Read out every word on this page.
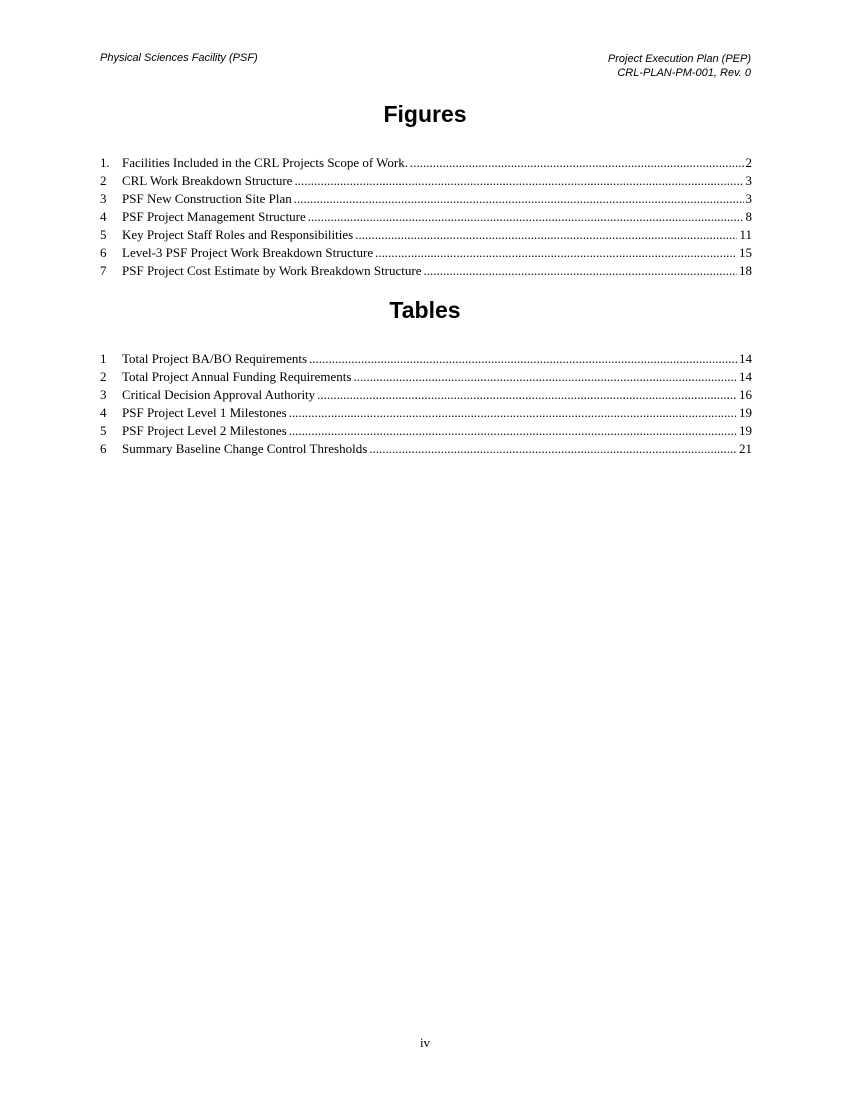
Physical Sciences Facility (PSF)	Project Execution Plan (PEP)
CRL-PLAN-PM-001, Rev. 0
Figures
1. Facilities Included in the CRL Projects Scope of Work. .....	2
2	CRL Work Breakdown Structure .....	3
3	PSF New Construction Site Plan .....	3
4	PSF Project Management Structure .....	8
5	Key Project Staff Roles and Responsibilities .....	11
6	Level-3 PSF Project Work Breakdown Structure .....	15
7	PSF Project Cost Estimate by Work Breakdown Structure .....	18
Tables
1	Total Project BA/BO Requirements .....	14
2	Total Project Annual Funding Requirements .....	14
3	Critical Decision Approval Authority .....	16
4	PSF Project Level 1 Milestones .....	19
5	PSF Project Level 2 Milestones .....	19
6	Summary Baseline Change Control Thresholds .....	21
iv
